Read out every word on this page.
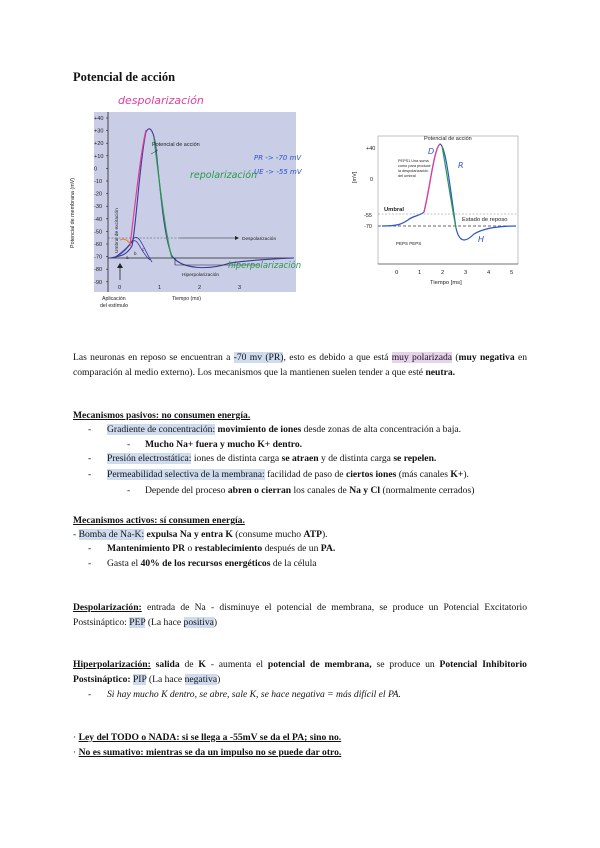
Potencial de acción
+40
+30
+20
+10
0
-10
-20
-30
-40
-50
-60
-70
-80
-90
0	1	2	3
Potencial de acción
Despolarización
Hiperpolarización
a
b
c
Potencial de membrana (mV)	Umbral de excitación
Aplicación
del estímulo
Tiempo (ms)
despolarización
repolarización
hiperpolarización
PR -> -70 mV
UE -> -55 mV	[mV]
+40
0
-55
-70
Potencial de acción
D
R
H
PEPS1 Una suma
como para producir
la despolarización
del umbral
Umbral
Estado de reposo
PEPS PEPS
0	1	2	3	4	5
Tiempo [ms]
Las neuronas en reposo se encuentran a -70 mv (PR), esto es debido a que está muy polarizada (muy negativa en comparación al medio externo). Los mecanismos que la mantienen suelen tender a que esté neutra.
Mecanismos pasivos: no consumen energía.
- Gradiente de concentración: movimiento de iones desde zonas de alta concentración a baja.
- Mucho Na+ fuera y mucho K+ dentro.
- Presión electrostática: iones de distinta carga se atraen y de distinta carga se repelen.
- Permeabilidad selectiva de la membrana: facilidad de paso de ciertos iones (más canales K+).
- Depende del proceso abren o cierran los canales de Na y Cl (normalmente cerrados)
Mecanismos activos: sí consumen energía.
- Bomba de Na-K: expulsa Na y entra K (consume mucho ATP).
- Mantenimiento PR o restablecimiento después de un PA.
- Gasta el 40% de los recursos energéticos de la célula
Despolarización: entrada de Na - disminuye el potencial de membrana, se produce un Potencial Excitatorio Postsináptico: PEP (La hace positiva)
Hiperpolarización: salida de K - aumenta el potencial de membrana, se produce un Potencial Inhibitorio Postsináptico: PIP (La hace negativa)
- Si hay mucho K dentro, se abre, sale K, se hace negativa = más difícil el PA.
· Ley del TODO o NADA: si se llega a -55mV se da el PA; sino no.
· No es sumativo: mientras se da un impulso no se puede dar otro.
